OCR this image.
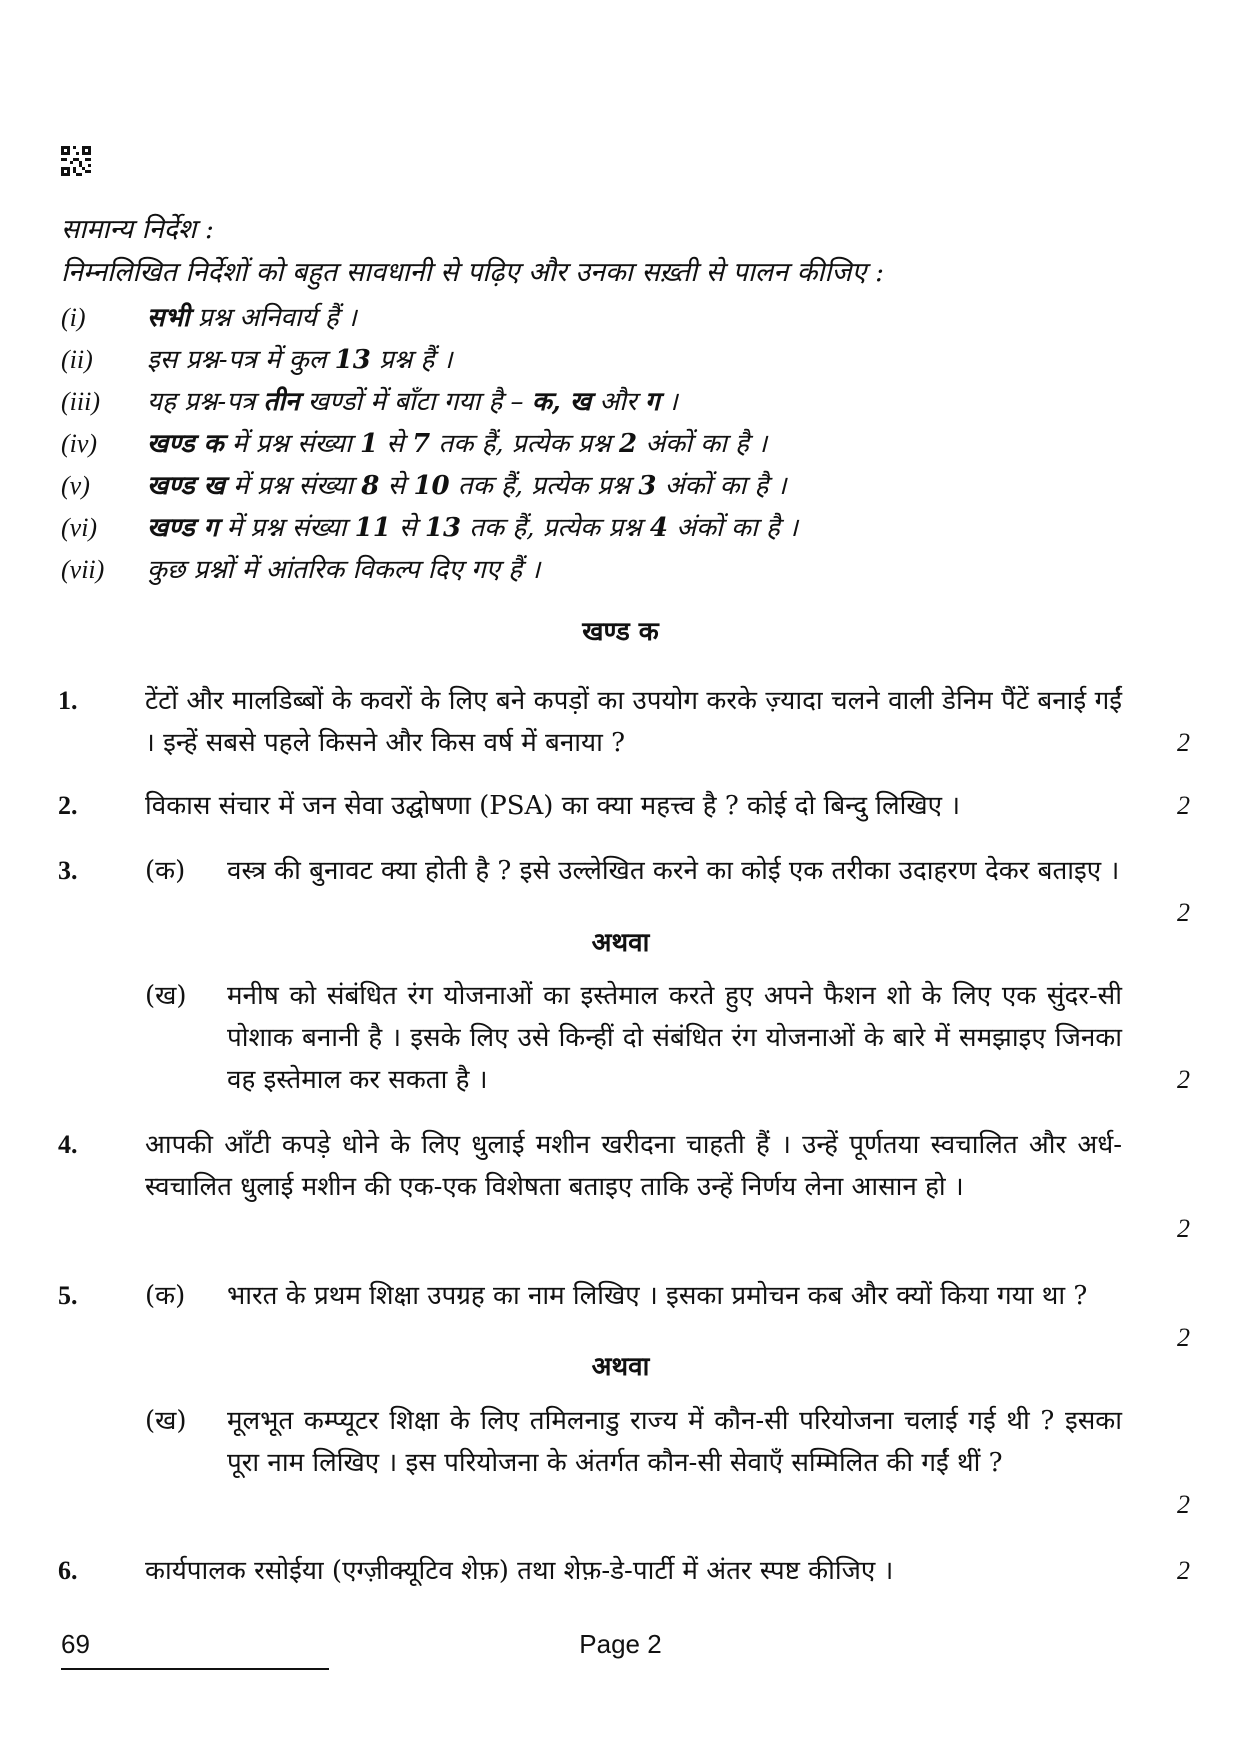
सामान्य निर्देश :
निम्नलिखित निर्देशों को बहुत सावधानी से पढ़िए और उनका सख़्ती से पालन कीजिए :
(i)	सभी प्रश्न अनिवार्य हैं ।
(ii)	इस प्रश्न-पत्र में कुल 13 प्रश्न हैं ।
(iii)	यह प्रश्न-पत्र तीन खण्डों में बाँटा गया है – क, ख और ग ।
(iv)	खण्ड क में प्रश्न संख्या 1 से 7 तक हैं, प्रत्येक प्रश्न 2 अंकों का है ।
(v)	खण्ड ख में प्रश्न संख्या 8 से 10 तक हैं, प्रत्येक प्रश्न 3 अंकों का है ।
(vi)	खण्ड ग में प्रश्न संख्या 11 से 13 तक हैं, प्रत्येक प्रश्न 4 अंकों का है ।
(vii)	कुछ प्रश्नों में आंतरिक विकल्प दिए गए हैं ।
खण्ड क
1.	टेंटों और मालडिब्बों के कवरों के लिए बने कपड़ों का उपयोग करके ज़्यादा चलने वाली डेनिम पैंटें बनाई गईं । इन्हें सबसे पहले किसने और किस वर्ष में बनाया ?	2
2.	विकास संचार में जन सेवा उद्घोषणा (PSA) का क्या महत्त्व है ? कोई दो बिन्दु लिखिए ।	2
3.	(क) वस्त्र की बुनावट क्या होती है ? इसे उल्लेखित करने का कोई एक तरीका उदाहरण देकर बताइए ।
2
अथवा
(ख) मनीष को संबंधित रंग योजनाओं का इस्तेमाल करते हुए अपने फैशन शो के लिए एक सुंदर-सी पोशाक बनानी है । इसके लिए उसे किन्हीं दो संबंधित रंग योजनाओं के बारे में समझाइए जिनका वह इस्तेमाल कर सकता है ।	2
4.	आपकी आँटी कपड़े धोने के लिए धुलाई मशीन खरीदना चाहती हैं । उन्हें पूर्णतया स्वचालित और अर्ध-स्वचालित धुलाई मशीन की एक-एक विशेषता बताइए ताकि उन्हें निर्णय लेना आसान हो ।
2
5.	(क) भारत के प्रथम शिक्षा उपग्रह का नाम लिखिए । इसका प्रमोचन कब और क्यों किया गया था ?
2
अथवा
(ख) मूलभूत कम्प्यूटर शिक्षा के लिए तमिलनाडु राज्य में कौन-सी परियोजना चलाई गई थी ? इसका पूरा नाम लिखिए । इस परियोजना के अंतर्गत कौन-सी सेवाएँ सम्मिलित की गईं थीं ?
2
6.	कार्यपालक रसोईया (एग्ज़ीक्यूटिव शेफ़) तथा शेफ़-डे-पार्टी में अंतर स्पष्ट कीजिए ।	2
69	Page 2
